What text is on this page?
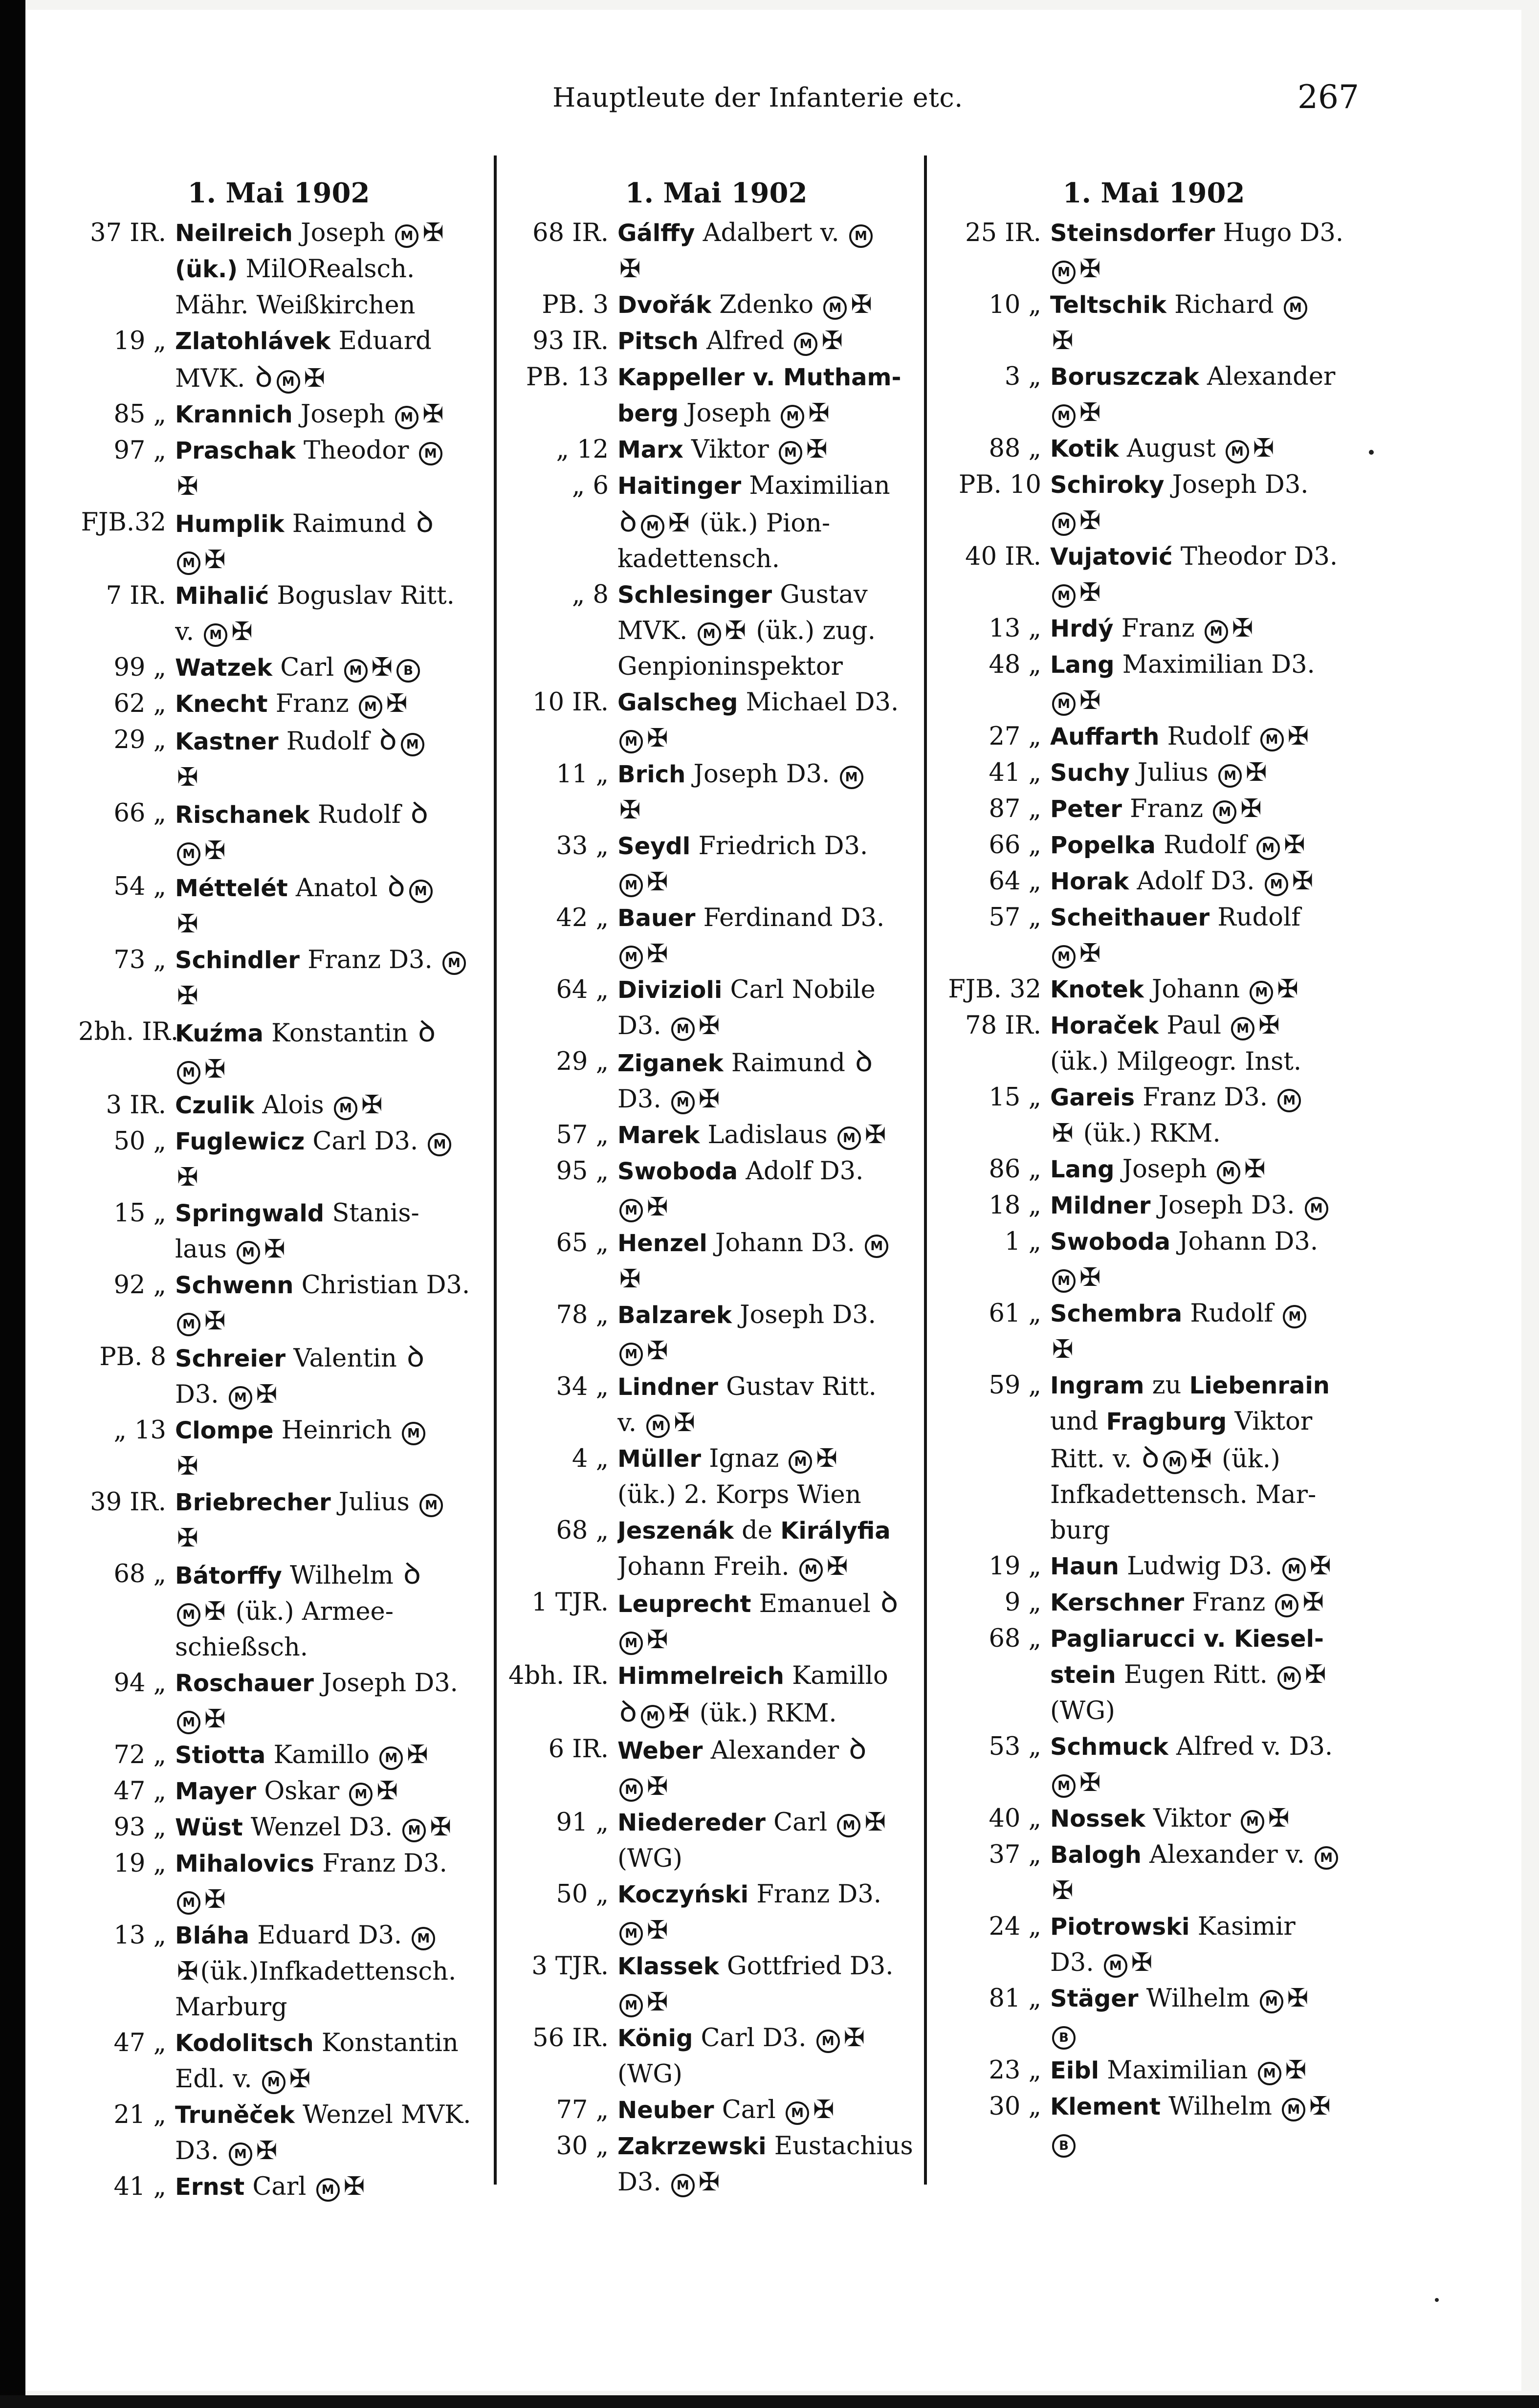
Hauptleute der Infanterie etc.	267
1. Mai 1902
37 IR. Neilreich Joseph M ✠
(ük.) MilORealsch.
Mähr. Weißkirchen
19 „ Zlatohlávek Eduard
MVK. ꝺ M ✠
85 „ Krannich Joseph M ✠
97 „ Praschak Theodor M
✠
FJB.32 Humplik Raimund ꝺ
M ✠
7 IR. Mihalić Boguslav Ritt.
v. M ✠
99 „ Watzek Carl M ✠ B
62 „ Knecht Franz M ✠
29 „ Kastner Rudolf ꝺ M
✠
66 „ Rischanek Rudolf ꝺ
M ✠
54 „ Méttelét Anatol ꝺ M
✠
73 „ Schindler Franz D3. M
✠
2bh. IR.
Kuźma Konstantin ꝺ
M ✠
3 IR. Czulik Alois M ✠
50 „ Fuglewicz Carl D3. M
✠
15 „ Springwald Stanis-
laus M ✠
92 „ Schwenn Christian D3.
M ✠
PB. 8 Schreier Valentin ꝺ
D3. M ✠
„ 13 Clompe Heinrich M
✠
39 IR. Briebrecher Julius M
✠
68 „ Bátorffy Wilhelm ꝺ
M ✠ (ük.) Armee-
schießsch.
94 „ Roschauer Joseph D3.
M ✠
72 „ Stiotta Kamillo M ✠
47 „ Mayer Oskar M ✠
93 „ Wüst Wenzel D3. M ✠
19 „ Mihalovics Franz D3.
M ✠
13 „ Bláha Eduard D3. M
✠(ük.)Infkadettensch.
Marburg
47 „ Kodolitsch Konstantin
Edl. v. M ✠
21 „ Truněček Wenzel MVK.
D3. M ✠
41 „ Ernst Carl M ✠
1. Mai 1902
68 IR. Gálffy Adalbert v. M
✠
PB. 3 Dvořák Zdenko M ✠
93 IR. Pitsch Alfred M ✠
PB. 13 Kappeller v. Mutham-
berg Joseph M ✠
„ 12 Marx Viktor M ✠
„ 6 Haitinger Maximilian
ꝺ M ✠ (ük.) Pion-
kadettensch.
„ 8 Schlesinger Gustav
MVK. M ✠ (ük.) zug.
Genpioninspektor
10 IR. Galscheg Michael D3.
M ✠
11 „ Brich Joseph D3. M
✠
33 „ Seydl Friedrich D3.
M ✠
42 „ Bauer Ferdinand D3.
M ✠
64 „ Divizioli Carl Nobile
D3. M ✠
29 „ Ziganek Raimund ꝺ
D3. M ✠
57 „ Marek Ladislaus M ✠
95 „ Swoboda Adolf D3.
M ✠
65 „ Henzel Johann D3. M
✠
78 „ Balzarek Joseph D3.
M ✠
34 „ Lindner Gustav Ritt.
v. M ✠
4 „ Müller Ignaz M ✠
(ük.) 2. Korps Wien
68 „ Jeszenák de Királyfia
Johann Freih. M ✠
1 TJR. Leuprecht Emanuel ꝺ
M ✠
4bh. IR. Himmelreich Kamillo
ꝺ M ✠ (ük.) RKM.
6 IR. Weber Alexander ꝺ
M ✠
91 „ Niedereder Carl M ✠
(WG)
50 „ Koczyński Franz D3.
M ✠
3 TJR. Klassek Gottfried D3.
M ✠
56 IR. König Carl D3. M ✠
(WG)
77 „ Neuber Carl M ✠
30 „ Zakrzewski Eustachius
D3. M ✠
1. Mai 1902
25 IR. Steinsdorfer Hugo D3.
M ✠
10 „ Teltschik Richard M
✠
3 „ Boruszczak Alexander
M ✠
88 „ Kotik August M ✠
PB. 10 Schiroky Joseph D3.
M ✠
40 IR. Vujatović Theodor D3.
M ✠
13 „ Hrdý Franz M ✠
48 „ Lang Maximilian D3.
M ✠
27 „ Auffarth Rudolf M ✠
41 „ Suchy Julius M ✠
87 „ Peter Franz M ✠
66 „ Popelka Rudolf M ✠
64 „ Horak Adolf D3. M ✠
57 „ Scheithauer Rudolf
M ✠
FJB. 32 Knotek Johann M ✠
78 IR. Horaček Paul M ✠
(ük.) Milgeogr. Inst.
15 „ Gareis Franz D3. M
✠ (ük.) RKM.
86 „ Lang Joseph M ✠
18 „ Mildner Joseph D3. M
1 „ Swoboda Johann D3.
M ✠
61 „ Schembra Rudolf M
✠
59 „ Ingram zu Liebenrain
und Fragburg Viktor
Ritt. v. ꝺ M ✠ (ük.)
Infkadettensch. Mar-
burg
19 „ Haun Ludwig D3. M ✠
9 „ Kerschner Franz M ✠
68 „ Pagliarucci v. Kiesel-
stein Eugen Ritt. M ✠
(WG)
53 „ Schmuck Alfred v. D3.
M ✠
40 „ Nossek Viktor M ✠
37 „ Balogh Alexander v. M
✠
24 „ Piotrowski Kasimir
D3. M ✠
81 „ Stäger Wilhelm M ✠
B
23 „ Eibl Maximilian M ✠
30 „ Klement Wilhelm M ✠
B
